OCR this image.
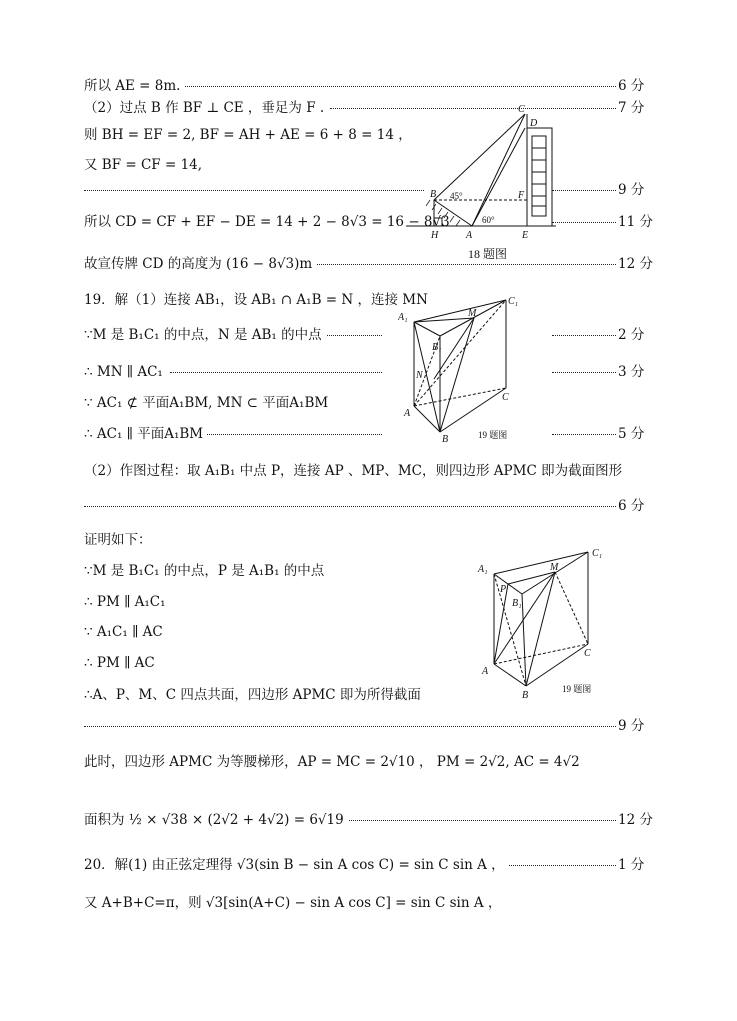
所以 AE = 8m.	6 分
（2）过点 B 作 BF ⊥ CE ，垂足为 F .	7 分
则 BH = EF = 2, BF = AH + AE = 6 + 8 = 14 ，
又 BF = CF = 14,
9 分
所以 CD = CF + EF − DE = 14 + 2 − 8√3 = 16 − 8√3	11 分
故宣传牌 CD 的高度为 (16 − 8√3)m	12 分
19．解（1）连接 AB₁，设 AB₁ ∩ A₁B = N ，连接 MN
∵M 是 B₁C₁ 的中点，N 是 AB₁ 的中点	2 分
∴ MN ∥ AC₁	3 分
∵ AC₁ ⊄ 平面A₁BM, MN ⊂ 平面A₁BM
∴ AC₁ ∥ 平面A₁BM	5 分
（2）作图过程：取 A₁B₁ 中点 P，连接 AP 、MP、MC，则四边形 APMC 即为截面图形
6 分
证明如下：
∵M 是 B₁C₁ 的中点，P 是 A₁B₁ 的中点
∴ PM ∥ A₁C₁
∵ A₁C₁ ∥ AC
∴ PM ∥ AC
∴A、P、M、C 四点共面，四边形 APMC 即为所得截面
9 分
此时，四边形 APMC 为等腰梯形，AP = MC = 2√10 ， PM = 2√2, AC = 4√2
面积为 ½ × √38 × (2√2 + 4√2) = 6√19	12 分
20．解(1) 由正弦定理得 √3(sin B − sin A cos C) = sin C sin A ，	1 分
又 A+B+C=π，则 √3[sin(A+C) − sin A cos C] = sin C sin A ，
C
D
B	F
H	A	E
45°
60°
18 题图
A₁
C₁
M
B₁
N
A
B
C
19 题图
A₁
C₁
M
P
B₁
A
B
C
19 题图
